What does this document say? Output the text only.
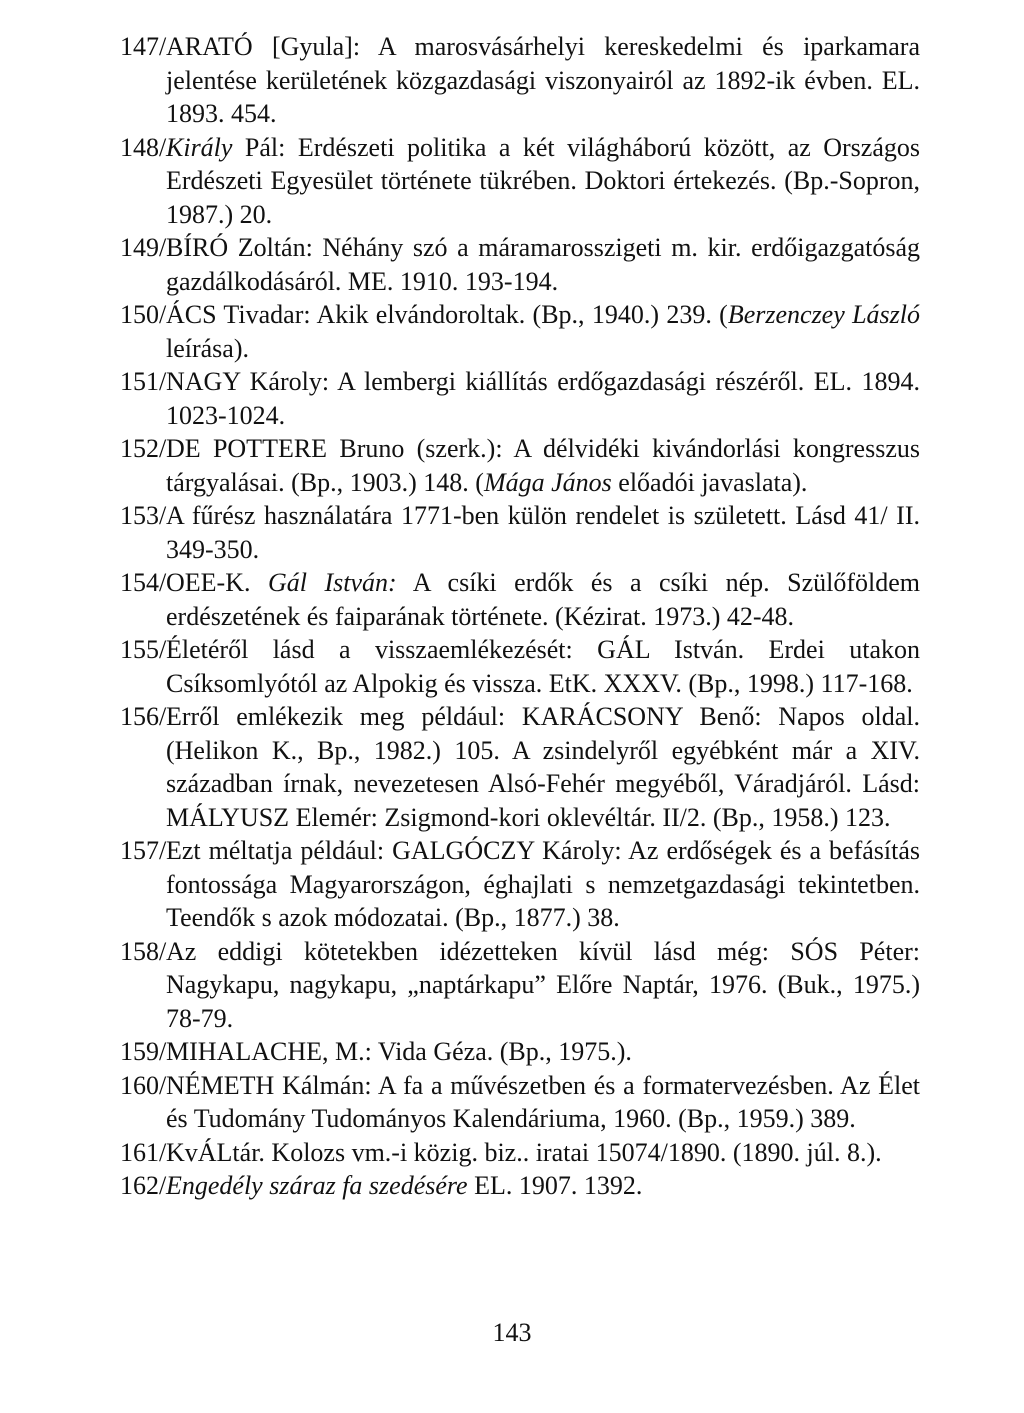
147/ ARATÓ [Gyula]: A marosvásárhelyi kereskedelmi és iparkamara jelentése kerületének közgazdasági viszonyairól az 1892-ik évben. EL. 1893. 454.
148/ Király Pál: Erdészeti politika a két világháború között, az Országos Erdészeti Egyesület története tükrében. Doktori értekezés. (Bp.-Sopron, 1987.) 20.
149/ BÍRÓ Zoltán: Néhány szó a máramarosszigeti m. kir. erdőigazgatóság gazdálkodásáról. ME. 1910. 193-194.
150/ ÁCS Tivadar: Akik elvándoroltak. (Bp., 1940.) 239. (Berzenczey László leírása).
151/ NAGY Károly: A lembergi kiállítás erdőgazdasági részéről. EL. 1894. 1023-1024.
152/ DE POTTERE Bruno (szerk.): A délvidéki kivándorlási kongresszus tárgyalásai. (Bp., 1903.) 148. (Mága János előadói javaslata).
153/ A fűrész használatára 1771-ben külön rendelet is született. Lásd 41/ II. 349-350.
154/ OEE-K. Gál István: A csíki erdők és a csíki nép. Szülőföldem erdészetének és faiparának története. (Kézirat. 1973.) 42-48.
155/ Életéről lásd a visszaemlékezését: GÁL István. Erdei utakon Csíksomlyótól az Alpokig és vissza. EtK. XXXV. (Bp., 1998.) 117-168.
156/ Erről emlékezik meg például: KARÁCSONY Benő: Napos oldal. (Helikon K., Bp., 1982.) 105. A zsindelyről egyébként már a XIV. században írnak, nevezetesen Alsó-Fehér megyéből, Váradjáról. Lásd: MÁLYUSZ Elemér: Zsigmond-kori oklevéltár. II/2. (Bp., 1958.) 123.
157/ Ezt méltatja például: GALGÓCZY Károly: Az erdőségek és a befásítás fontossága Magyarországon, éghajlati s nemzetgazdasági tekintetben. Teendők s azok módozatai. (Bp., 1877.) 38.
158/ Az eddigi kötetekben idézetteken kívül lásd még: SÓS Péter: Nagykapu, nagykapu, „naptárkapu” Előre Naptár, 1976. (Buk., 1975.) 78-79.
159/ MIHALACHE, M.: Vida Géza. (Bp., 1975.).
160/ NÉMETH Kálmán: A fa a művészetben és a formatervezésben. Az Élet és Tudomány Tudományos Kalendáriuma, 1960. (Bp., 1959.) 389.
161/ KvÁLtár. Kolozs vm.-i közig. biz.. iratai 15074/1890. (1890. júl. 8.).
162/ Engedély száraz fa szedésére EL. 1907. 1392.
143
